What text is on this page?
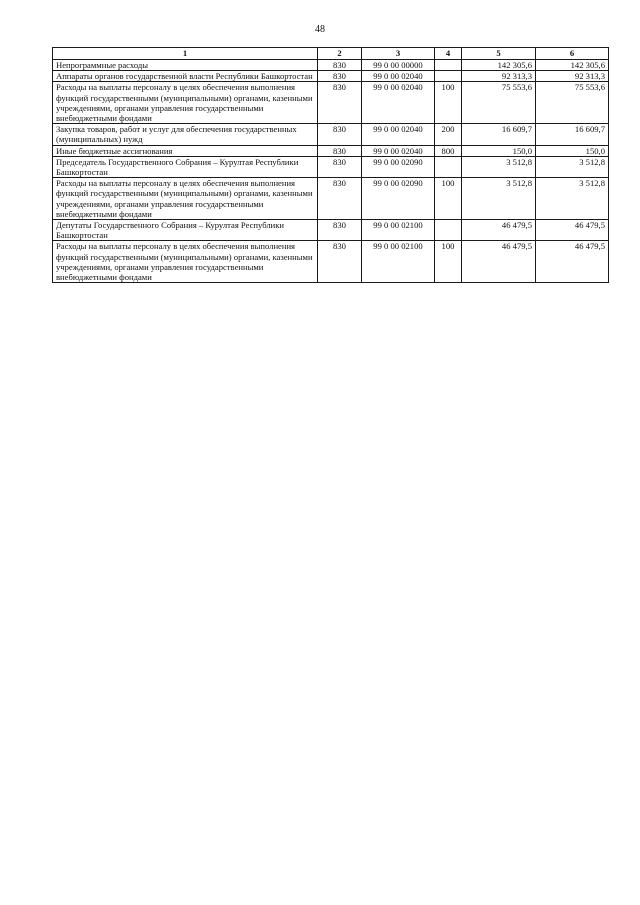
48
1	2	3	4	5	6
Непрограммные расходы	830	99 0 00 00000		142 305,6	142 305,6
Аппараты органов государственной власти Республики Башкортостан	830	99 0 00 02040		92 313,3	92 313,3
Расходы на выплаты персоналу в целях обеспечения выполнения функций государственными (муниципальными) органами, казенными учреждениями, органами управления государственными внебюджетными фондами	830	99 0 00 02040	100	75 553,6	75 553,6
Закупка товаров, работ и услуг для обеспечения государственных (муниципальных) нужд	830	99 0 00 02040	200	16 609,7	16 609,7
Иные бюджетные ассигнования	830	99 0 00 02040	800	150,0	150,0
Председатель Государственного Собрания – Курултая Республики Башкортостан	830	99 0 00 02090		3 512,8	3 512,8
Расходы на выплаты персоналу в целях обеспечения выполнения функций государственными (муниципальными) органами, казенными учреждениями, органами управления государственными внебюджетными фондами	830	99 0 00 02090	100	3 512,8	3 512,8
Депутаты Государственного Собрания – Курултая Республики Башкортостан	830	99 0 00 02100		46 479,5	46 479,5
Расходы на выплаты персоналу в целях обеспечения выполнения функций государственными (муниципальными) органами, казенными учреждениями, органами управления государственными внебюджетными фондами	830	99 0 00 02100	100	46 479,5	46 479,5
